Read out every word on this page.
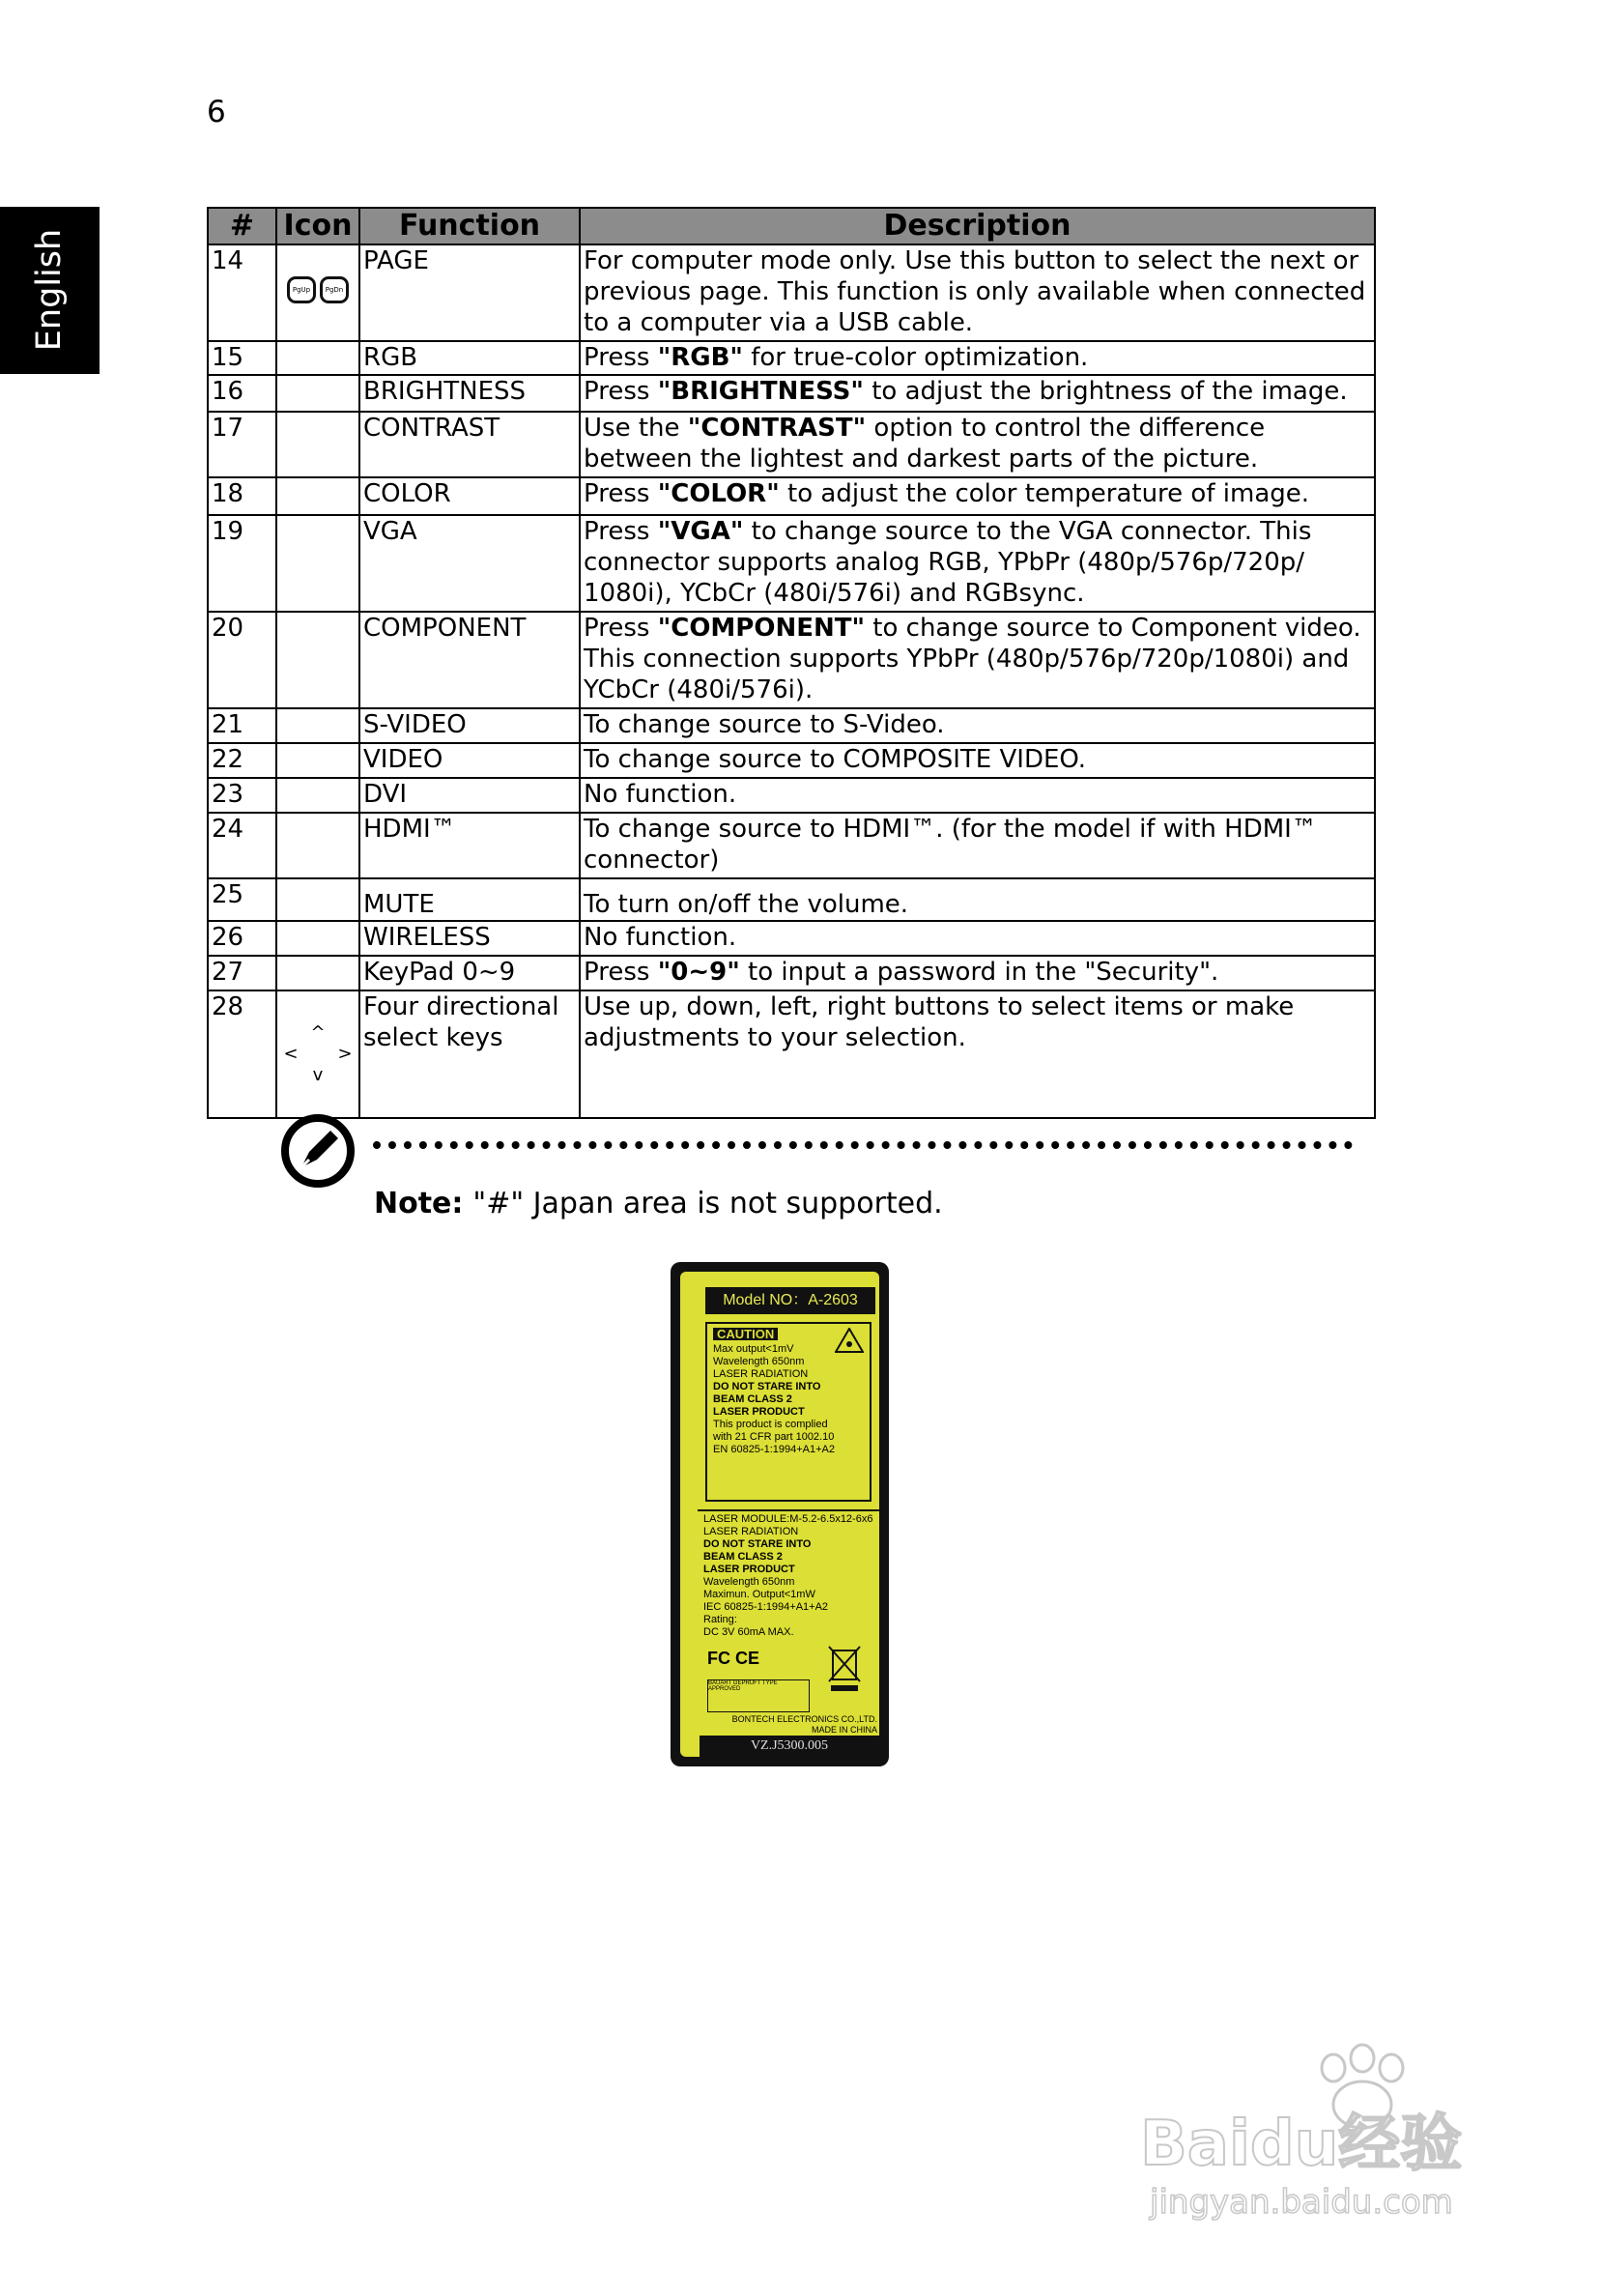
6
English
#	Icon	Function	Description
14	PgUp PgDn	PAGE	For computer mode only. Use this button to select the next or
previous page. This function is only available when connected
to a computer via a USB cable.
15		RGB	Press "RGB" for true-color optimization.
16		BRIGHTNESS	Press "BRIGHTNESS" to adjust the brightness of the image.
17		CONTRAST	Use the "CONTRAST" option to control the difference
between the lightest and darkest parts of the picture.
18		COLOR	Press "COLOR" to adjust the color temperature of image.
19		VGA	Press "VGA" to change source to the VGA connector. This
connector supports analog RGB, YPbPr (480p/576p/720p/
1080i), YCbCr (480i/576i) and RGBsync.
20		COMPONENT	Press "COMPONENT" to change source to Component video.
This connection supports YPbPr (480p/576p/720p/1080i) and
YCbCr (480i/576i).
21		S-VIDEO	To change source to S-Video.
22		VIDEO	To change source to COMPOSITE VIDEO.
23		DVI	No function.
24		HDMI™	To change source to HDMI™. (for the model if with HDMI™
connector)
25		MUTE	To turn on/off the volume.
26		WIRELESS	No function.
27		KeyPad 0~9	Press "0~9" to input a password in the "Security".
28	^
< >
v	Four directional
select keys	Use up, down, left, right buttons to select items or make
adjustments to your selection.
Note: "#" Japan area is not supported.
Model NO：A-2603
CAUTION
Max output<1mV
Wavelength 650nm
LASER RADIATION
DO NOT STARE INTO
BEAM CLASS 2
LASER PRODUCT
This product is complied
with 21 CFR part 1002.10
EN 60825-1:1994+A1+A2
LASER MODULE:M-5.2-6.5x12-6x6
LASER RADIATION
DO NOT STARE INTO
BEAM CLASS 2
LASER PRODUCT
Wavelength 650nm
Maximun. Output<1mW
IEC 60825-1:1994+A1+A2
Rating:
DC 3V 60mA MAX.
FC CE
BAUART GEPRUFT TYPE APPROVED
BONTECH ELECTRONICS CO.,LTD.
MADE IN CHINA
VZ.J5300.005
Baidu经验
jingyan.baidu.com
